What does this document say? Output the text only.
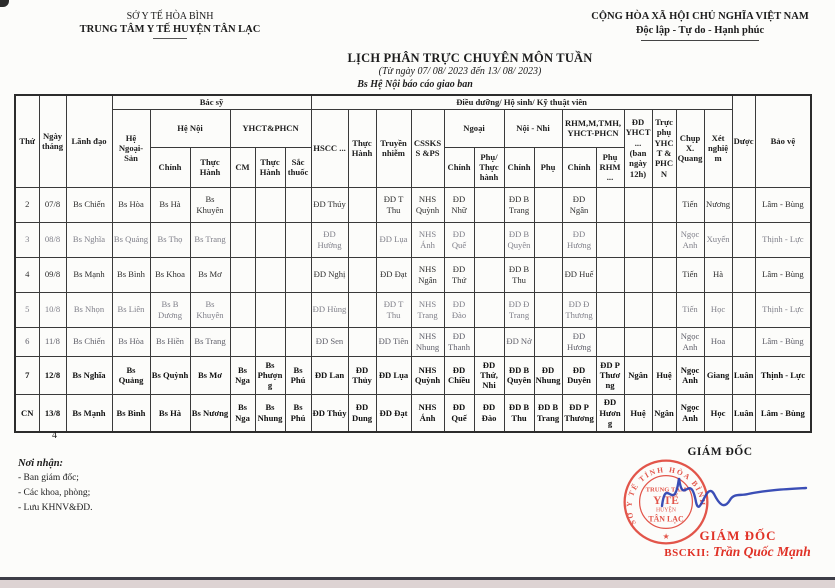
SỞ Y TẾ HÒA BÌNH
TRUNG TÂM Y TẾ HUYỆN TÂN LẠC
CỘNG HÒA XÃ HỘI CHỦ NGHĨA VIỆT NAM
Độc lập - Tự do - Hạnh phúc
LỊCH PHÂN TRỰC CHUYÊN MÔN TUẦN
(Từ ngày 07/ 08/ 2023 đến 13/ 08/ 2023)
Bs Hệ Nội báo cáo giao ban
Thứ	Ngày tháng	Lãnh đạo	Bác sỹ						Điều dưỡng/ Hộ sinh/ Kỹ thuật viên														Dược	Bảo vệ
			Hệ Ngoại-Sản	Hệ Nội		YHCT&PHCN			HSCC ...	Thực Hành	Truyền nhiễm	CSSKSS &PS	Ngoại		Nội - Nhi		RHM,M,TMH, YHCT-PHCN		ĐD YHCT... (ban ngày 12h)	Trực phụ YHCT & PHCN	Chụp X. Quang	Xét nghiệm		
				Chính	Thực Hành	CM	Thực Hành	Sắc thuốc					Chính	Phụ/ Thực hành	Chính	Phụ	Chính	Phụ RHM ...						
2	07/8	Bs Chiến	Bs Hòa	Bs Hà	Bs Khuyên				ĐD Thúy		ĐD T Thu	NHS Quỳnh	ĐD Nhữ		ĐD B Trang		ĐD Ngân				Tiến	Nương		Lâm - Bùng
3	08/8	Bs Nghĩa	Bs Quảng	Bs Thọ	Bs Trang				ĐD Hường		ĐD Lụa	NHS Ánh	ĐD Quế		ĐD B Quyên		ĐD Hương				Ngọc Anh	Xuyến		Thịnh - Lực
4	09/8	Bs Mạnh	Bs Bình	Bs Khoa	Bs Mơ				ĐD Nghị		ĐD Đạt	NHS Ngân	ĐD Thứ		ĐD B Thu		ĐD Huế				Tiến	Hà		Lâm - Bùng
5	10/8	Bs Nhọn	Bs Liên	Bs B Dương	Bs Khuyên				ĐD Hùng		ĐD T Thu	NHS Trang	ĐD Đào		ĐD Đ Trang		ĐD Đ Thương				Tiến	Học		Thịnh - Lực
6	11/8	Bs Chiến	Bs Hòa	Bs Hiền	Bs Trang				ĐD Sen		ĐD Tiên	NHS Nhung	ĐD Thanh		ĐD Nở		ĐD Hương				Ngọc Anh	Hoa		Lâm - Bùng
7	12/8	Bs Nghĩa	Bs Quảng	Bs Quỳnh	Bs Mơ	Bs Nga	Bs Phượng	Bs Phú	ĐD Lan	ĐD Thủy	ĐD Lụa	NHS Quỳnh	ĐD Chiều	ĐD Thứ, Nhi	ĐD B Quyên	ĐD Nhung	ĐD Duyên	ĐD P Thương	Ngân	Huệ	Ngọc Anh	Giang	Luân	Thịnh - Lực
CN	13/8	Bs Mạnh	Bs Bình	Bs Hà	Bs Nương	Bs Nga	Bs Nhung	Bs Phú	ĐD Thúy	ĐD Dung	ĐD Đạt	NHS Ánh	ĐD Quế	ĐD Đào	ĐD B Thu	ĐD B Trang	ĐD P Thương	ĐD Hương	Huệ	Ngân	Ngọc Anh	Học	Luân	Lâm - Bùng
4
Nơi nhận:
- Ban giám đốc;
- Các khoa, phòng;
- Lưu KHNV&ĐD.
GIÁM ĐỐC
SỞ Y TẾ TỈNH HÒA BÌNH
★
TRUNG TÂM
Y TẾ
HUYỆN
TÂN LẠC
GIÁM ĐỐC
BSCKII: Trần Quốc Mạnh
